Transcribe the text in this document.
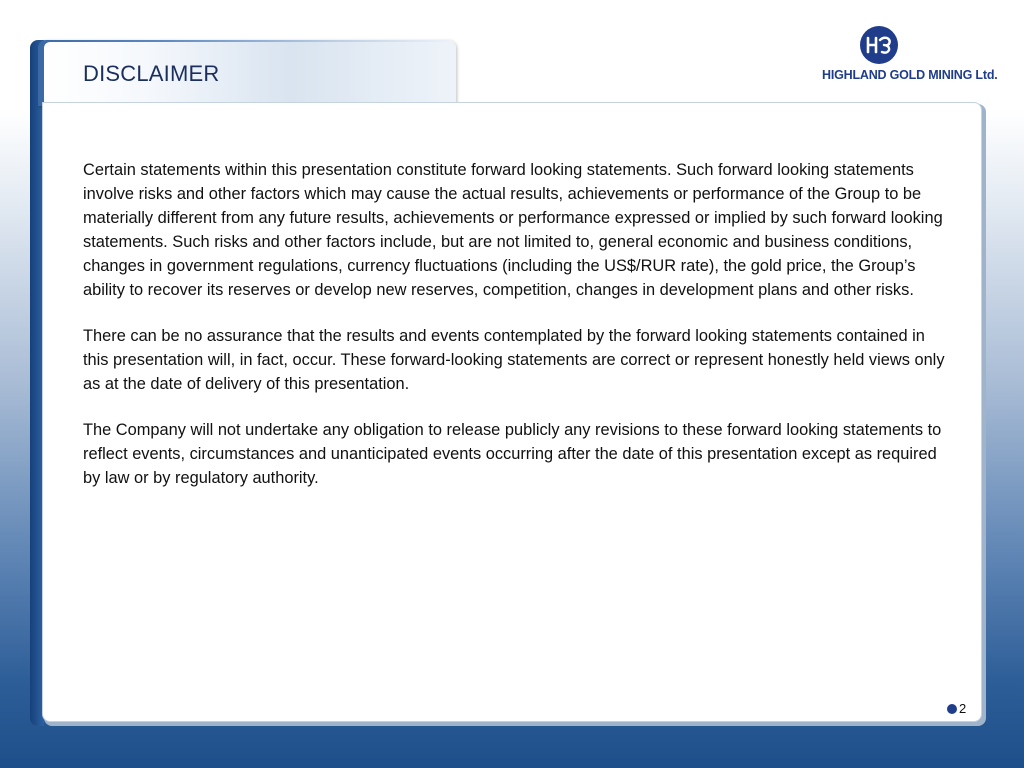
DISCLAIMER	HIGHLAND GOLD MINING Ltd.

Certain statements within this presentation constitute forward looking statements. Such forward looking statements involve risks and other factors which may cause the actual results, achievements or performance of the Group to be materially different from any future results, achievements or performance expressed or implied by such forward looking statements. Such risks and other factors include, but are not limited to, general economic and business conditions, changes in government regulations, currency fluctuations (including the US$/RUR rate), the gold price, the Group’s ability to recover its reserves or develop new reserves, competition, changes in development plans and other risks.

There can be no assurance that the results and events contemplated by the forward looking statements contained in this presentation will, in fact, occur. These forward-looking statements are correct or represent honestly held views only as at the date of delivery of this presentation.

The Company will not undertake any obligation to release publicly any revisions to these forward looking statements to reflect events, circumstances and unanticipated events occurring after the date of this presentation except as required by law or by regulatory authority.

2
